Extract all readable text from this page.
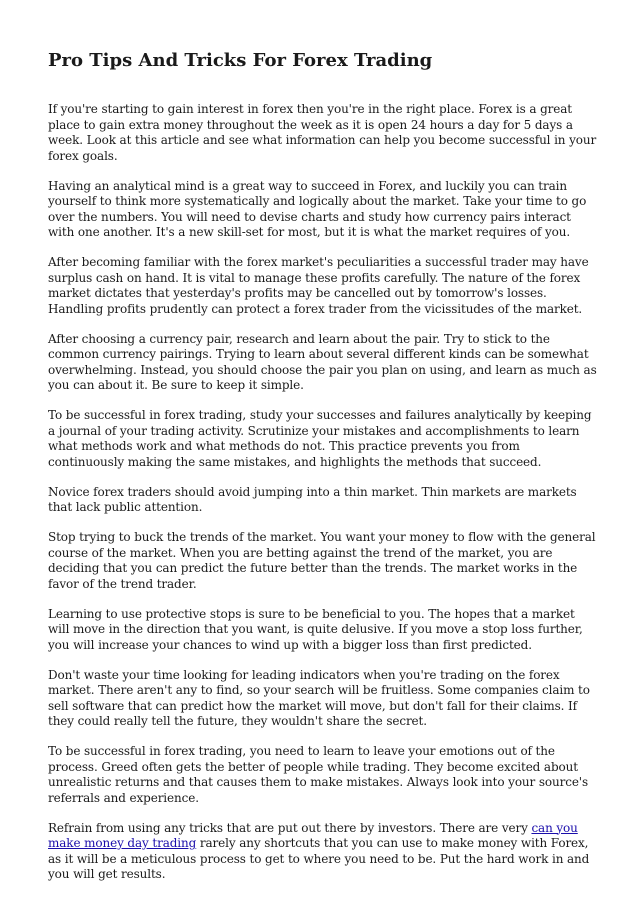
Pro Tips And Tricks For Forex Trading

If you're starting to gain interest in forex then you're in the right place. Forex is a great place to gain extra money throughout the week as it is open 24 hours a day for 5 days a week. Look at this article and see what information can help you become successful in your forex goals.

Having an analytical mind is a great way to succeed in Forex, and luckily you can train yourself to think more systematically and logically about the market. Take your time to go over the numbers. You will need to devise charts and study how currency pairs interact with one another. It's a new skill-set for most, but it is what the market requires of you.

After becoming familiar with the forex market's peculiarities a successful trader may have surplus cash on hand. It is vital to manage these profits carefully. The nature of the forex market dictates that yesterday's profits may be cancelled out by tomorrow's losses. Handling profits prudently can protect a forex trader from the vicissitudes of the market.

After choosing a currency pair, research and learn about the pair. Try to stick to the common currency pairings. Trying to learn about several different kinds can be somewhat overwhelming. Instead, you should choose the pair you plan on using, and learn as much as you can about it. Be sure to keep it simple.

To be successful in forex trading, study your successes and failures analytically by keeping a journal of your trading activity. Scrutinize your mistakes and accomplishments to learn what methods work and what methods do not. This practice prevents you from continuously making the same mistakes, and highlights the methods that succeed.

Novice forex traders should avoid jumping into a thin market. Thin markets are markets that lack public attention.

Stop trying to buck the trends of the market. You want your money to flow with the general course of the market. When you are betting against the trend of the market, you are deciding that you can predict the future better than the trends. The market works in the favor of the trend trader.

Learning to use protective stops is sure to be beneficial to you. The hopes that a market will move in the direction that you want, is quite delusive. If you move a stop loss further, you will increase your chances to wind up with a bigger loss than first predicted.

Don't waste your time looking for leading indicators when you're trading on the forex market. There aren't any to find, so your search will be fruitless. Some companies claim to sell software that can predict how the market will move, but don't fall for their claims. If they could really tell the future, they wouldn't share the secret.

To be successful in forex trading, you need to learn to leave your emotions out of the process. Greed often gets the better of people while trading. They become excited about unrealistic returns and that causes them to make mistakes. Always look into your source's referrals and experience.

Refrain from using any tricks that are put out there by investors. There are very can you make money day trading rarely any shortcuts that you can use to make money with Forex, as it will be a meticulous process to get to where you need to be. Put the hard work in and you will get results.
